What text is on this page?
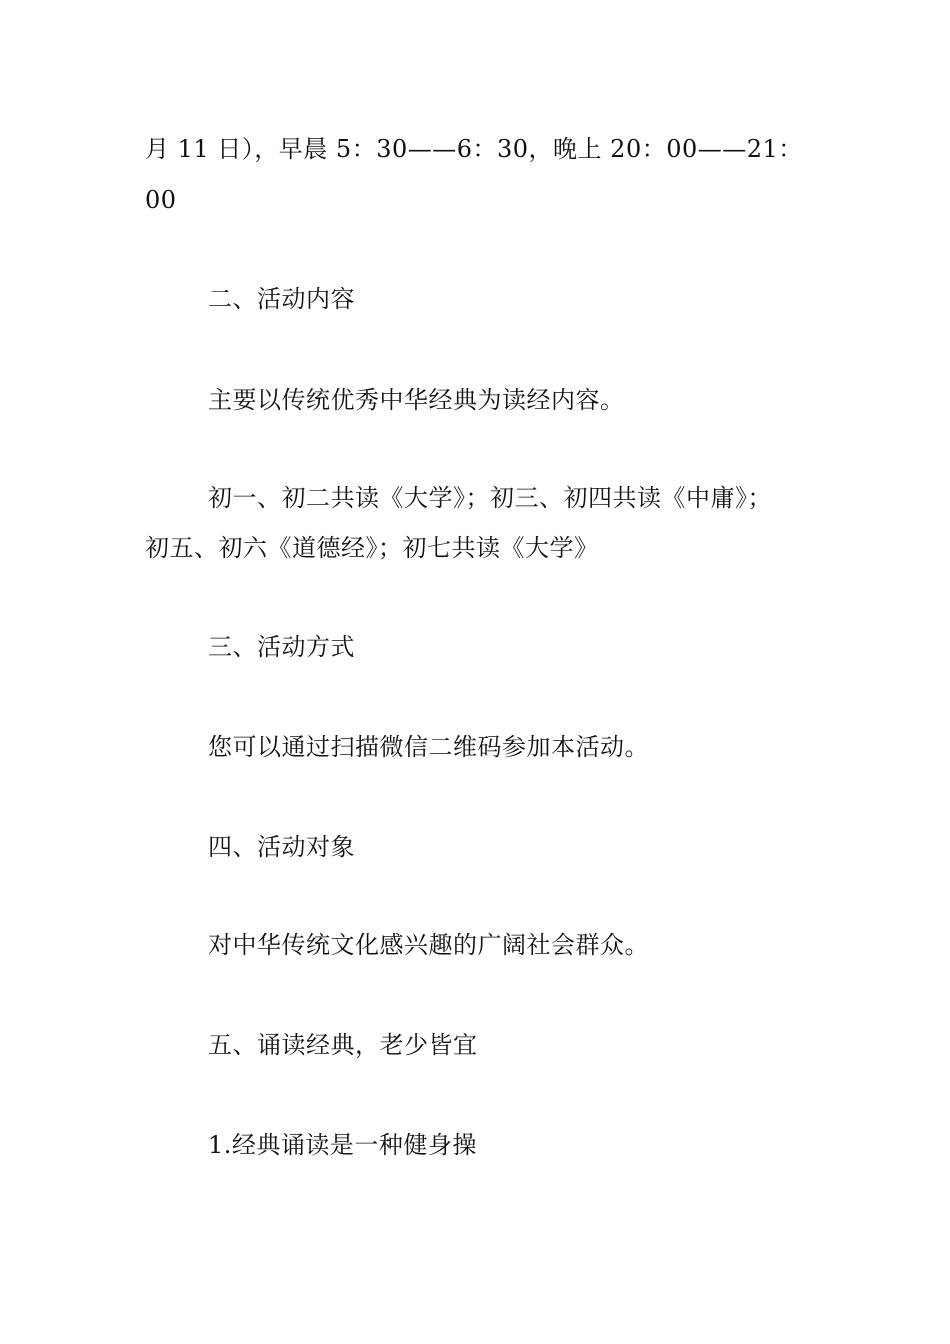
月 11 日），早晨 5：30——6：30，晚上 20：00——21：
00
二、活动内容
主要以传统优秀中华经典为读经内容。
初一、初二共读《大学》；初三、初四共读《中庸》；
初五、初六《道德经》；初七共读《大学》
三、活动方式
您可以通过扫描微信二维码参加本活动。
四、活动对象
对中华传统文化感兴趣的广阔社会群众。
五、诵读经典，老少皆宜
1.经典诵读是一种健身操
